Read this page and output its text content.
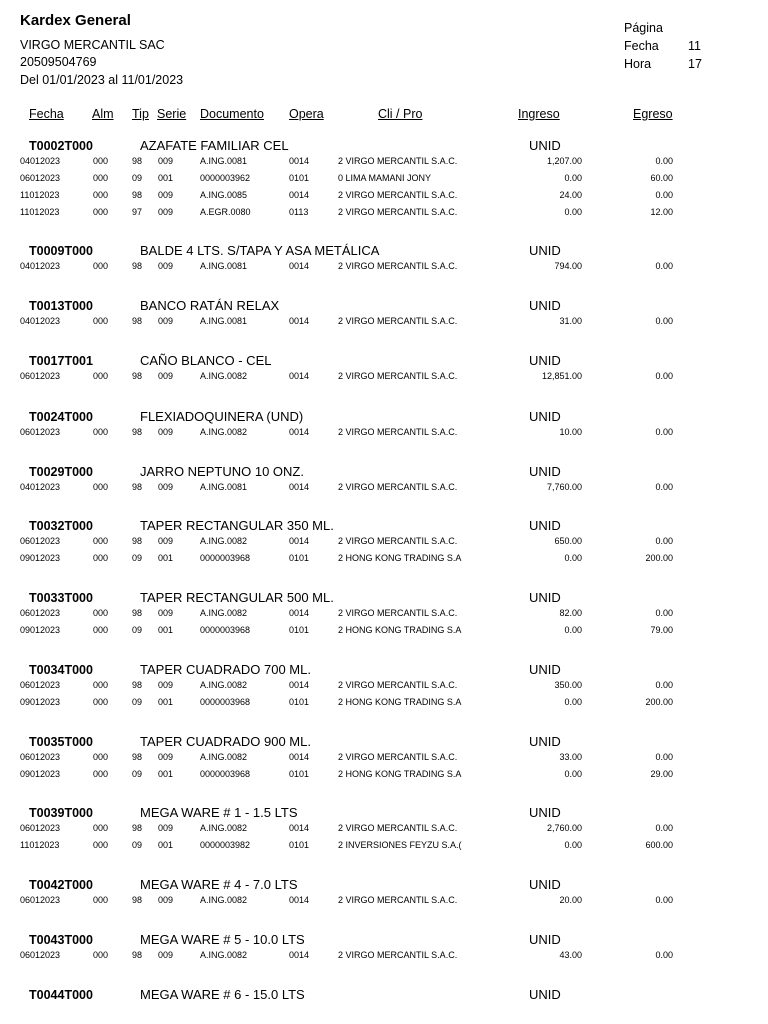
Kardex General
VIRGO MERCANTIL SAC
20509504769
Del 01/01/2023 al 11/01/2023
Página
Fecha 11
Hora	17
Fecha Alm Tip Serie Documento Opera	Cli / Pro	Ingreso	Egreso
T0002T000	AZAFATE FAMILIAR CEL	UNID
04012023	000	98 009	A.ING.0081	0014	2 VIRGO MERCANTIL S.A.C.	1,207.00	0.00
06012023	000	09 001	0000003962	0101	0 LIMA MAMANI JONY	0.00	60.00
11012023	000	98 009	A.ING.0085	0014	2 VIRGO MERCANTIL S.A.C.	24.00	0.00
11012023	000	97 009	A.EGR.0080	0113	2 VIRGO MERCANTIL S.A.C.	0.00	12.00
T0009T000	BALDE 4 LTS. S/TAPA Y ASA METÁLICA	UNID
04012023	000	98 009	A.ING.0081	0014	2 VIRGO MERCANTIL S.A.C.	794.00	0.00
T0013T000	BANCO RATÁN RELAX	UNID
04012023	000	98 009	A.ING.0081	0014	2 VIRGO MERCANTIL S.A.C.	31.00	0.00
T0017T001	CAÑO BLANCO - CEL	UNID
06012023	000	98 009	A.ING.0082	0014	2 VIRGO MERCANTIL S.A.C.	12,851.00	0.00
T0024T000	FLEXIADOQUINERA (UND)	UNID
06012023	000	98 009	A.ING.0082	0014	2 VIRGO MERCANTIL S.A.C.	10.00	0.00
T0029T000	JARRO NEPTUNO 10 ONZ.	UNID
04012023	000	98 009	A.ING.0081	0014	2 VIRGO MERCANTIL S.A.C.	7,760.00	0.00
T0032T000	TAPER RECTANGULAR 350 ML.	UNID
06012023	000	98 009	A.ING.0082	0014	2 VIRGO MERCANTIL S.A.C.	650.00	0.00
09012023	000	09 001	0000003968	0101	2 HONG KONG TRADING S.A	0.00	200.00
T0033T000	TAPER RECTANGULAR 500 ML.	UNID
06012023	000	98 009	A.ING.0082	0014	2 VIRGO MERCANTIL S.A.C.	82.00	0.00
09012023	000	09 001	0000003968	0101	2 HONG KONG TRADING S.A	0.00	79.00
T0034T000	TAPER CUADRADO 700 ML.	UNID
06012023	000	98 009	A.ING.0082	0014	2 VIRGO MERCANTIL S.A.C.	350.00	0.00
09012023	000	09 001	0000003968	0101	2 HONG KONG TRADING S.A	0.00	200.00
T0035T000	TAPER CUADRADO 900 ML.	UNID
06012023	000	98 009	A.ING.0082	0014	2 VIRGO MERCANTIL S.A.C.	33.00	0.00
09012023	000	09 001	0000003968	0101	2 HONG KONG TRADING S.A	0.00	29.00
T0039T000	MEGA WARE # 1 - 1.5 LTS	UNID
06012023	000	98 009	A.ING.0082	0014	2 VIRGO MERCANTIL S.A.C.	2,760.00	0.00
11012023	000	09 001	0000003982	0101	2 INVERSIONES FEYZU S.A.(	0.00	600.00
T0042T000	MEGA WARE # 4 - 7.0 LTS	UNID
06012023	000	98 009	A.ING.0082	0014	2 VIRGO MERCANTIL S.A.C.	20.00	0.00
T0043T000	MEGA WARE # 5 - 10.0 LTS	UNID
06012023	000	98 009	A.ING.0082	0014	2 VIRGO MERCANTIL S.A.C.	43.00	0.00
T0044T000	MEGA WARE # 6 - 15.0 LTS	UNID
